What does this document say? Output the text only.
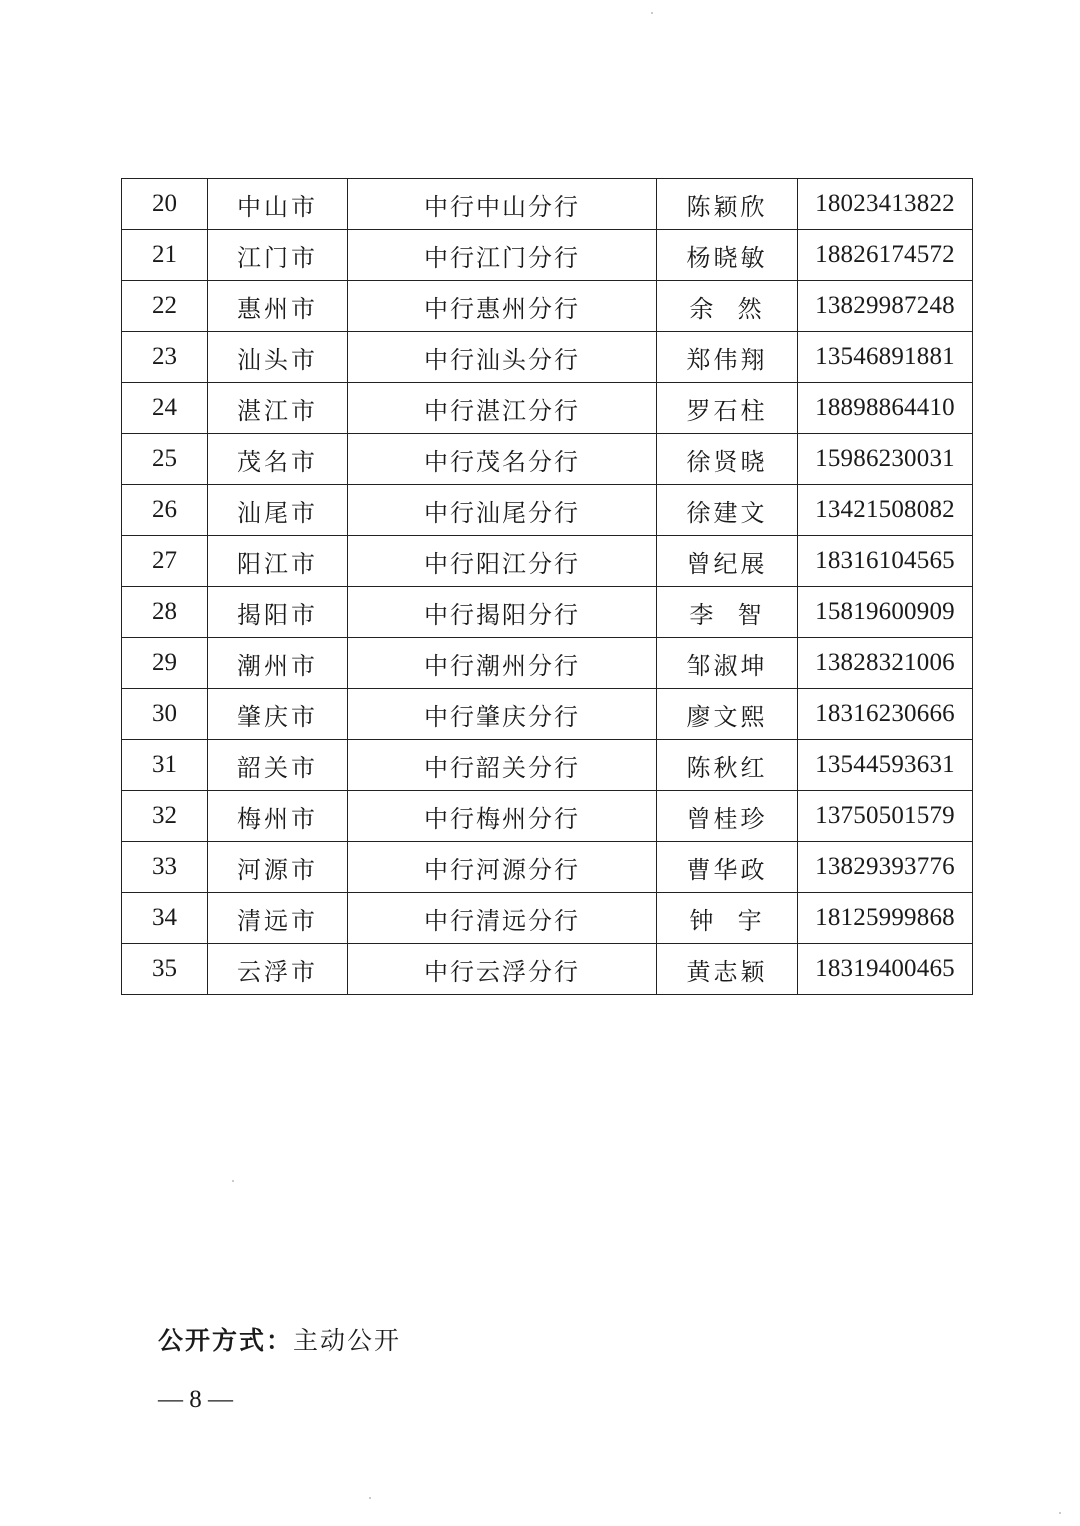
20	中山市	中行中山分行	陈颖欣	18023413822
21	江门市	中行江门分行	杨晓敏	18826174572
22	惠州市	中行惠州分行	余  然	13829987248
23	汕头市	中行汕头分行	郑伟翔	13546891881
24	湛江市	中行湛江分行	罗石柱	18898864410
25	茂名市	中行茂名分行	徐贤晓	15986230031
26	汕尾市	中行汕尾分行	徐建文	13421508082
27	阳江市	中行阳江分行	曾纪展	18316104565
28	揭阳市	中行揭阳分行	李  智	15819600909
29	潮州市	中行潮州分行	邹淑坤	13828321006
30	肇庆市	中行肇庆分行	廖文熙	18316230666
31	韶关市	中行韶关分行	陈秋红	13544593631
32	梅州市	中行梅州分行	曾桂珍	13750501579
33	河源市	中行河源分行	曹华政	13829393776
34	清远市	中行清远分行	钟  宇	18125999868
35	云浮市	中行云浮分行	黄志颖	18319400465
公开方式：主动公开
— 8 —
